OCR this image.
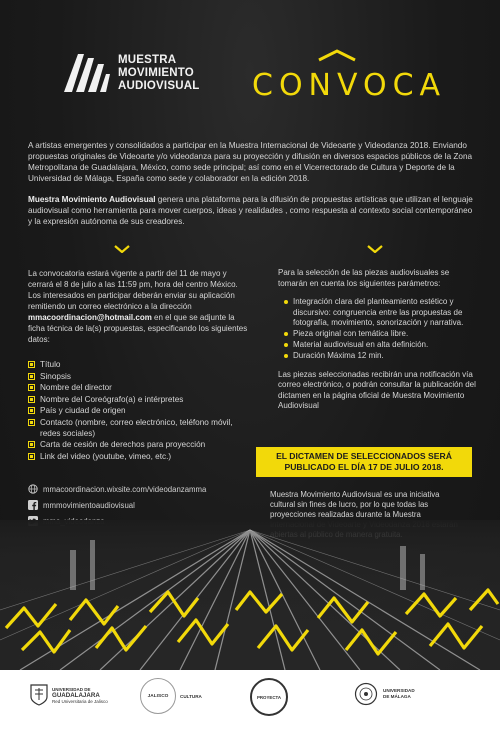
MUESTRA
MOVIMIENTO
AUDIOVISUAL CONVOCA

A artistas emergentes y consolidados a participar en la Muestra Internacional de Videoarte y Videodanza 2018. Enviando propuestas originales de Videoarte y/o videodanza para su proyección y difusión en diversos espacios públicos de la Zona Metropolitana de Guadalajara, México, como sede principal; así como en el Vicerrectorado de Cultura y Deporte de la Universidad de Málaga, España como sede y colaborador en la edición 2018.

Muestra Movimiento Audiovisual genera una plataforma para la difusión de propuestas artísticas que utilizan el lenguaje audiovisual como herramienta para mover cuerpos, ideas y realidades , como respuesta al contexto social contemporáneo y la expresión autónoma de sus creadores.

La convocatoria estará vigente a partir del 11 de mayo y cerrará el 8 de julio a las 11:59 pm, hora del centro México. Los interesados en participar deberán enviar su aplicación remitiendo un correo electrónico a la dirección mmacoordinacion@hotmail.com en el que se adjunte la ficha técnica de la(s) propuestas, especificando los siguientes datos:

Título
Sinopsis
Nombre del director
Nombre del Coreógrafo(a) e intérpretes
País y ciudad de origen
Contacto (nombre, correo electrónico, teléfono móvil, redes sociales)
Carta de cesión de derechos para proyección
Link del video (youtube, vimeo, etc.)

Para la selección de las piezas audiovisuales se tomarán en cuenta los siguientes parámetros:

Integración clara del planteamiento estético y discursivo: congruencia entre las propuestas de fotografía, movimiento, sonorización y narrativa.
Pieza original con temática libre.
Material audiovisual en alta definición.
Duración Máxima 12 min.

Las piezas seleccionadas recibirán una notificación vía correo electrónico, o podrán consultar la publicación del dictamen en la página oficial de Muestra Movimiento Audiovisual

EL DICTAMEN DE SELECCIONADOS SERÁ
PUBLICADO EL DÍA 17 DE JULIO 2018.
mmacoordinacion.wixsite.com/videodanzamma
mmmovimientoaudiovisual

Muestra Movimiento Audiovisual es una iniciativa cultural sin fines de lucro, por lo que todas las proyecciones realizadas durante la Muestra

UNIVERSIDAD DE
GUADALAJARA
Red Universitaria de Jalisco
JALISCO	CULTURA	PROYECTA
UNIVERSIDAD
DE MÁLAGA
